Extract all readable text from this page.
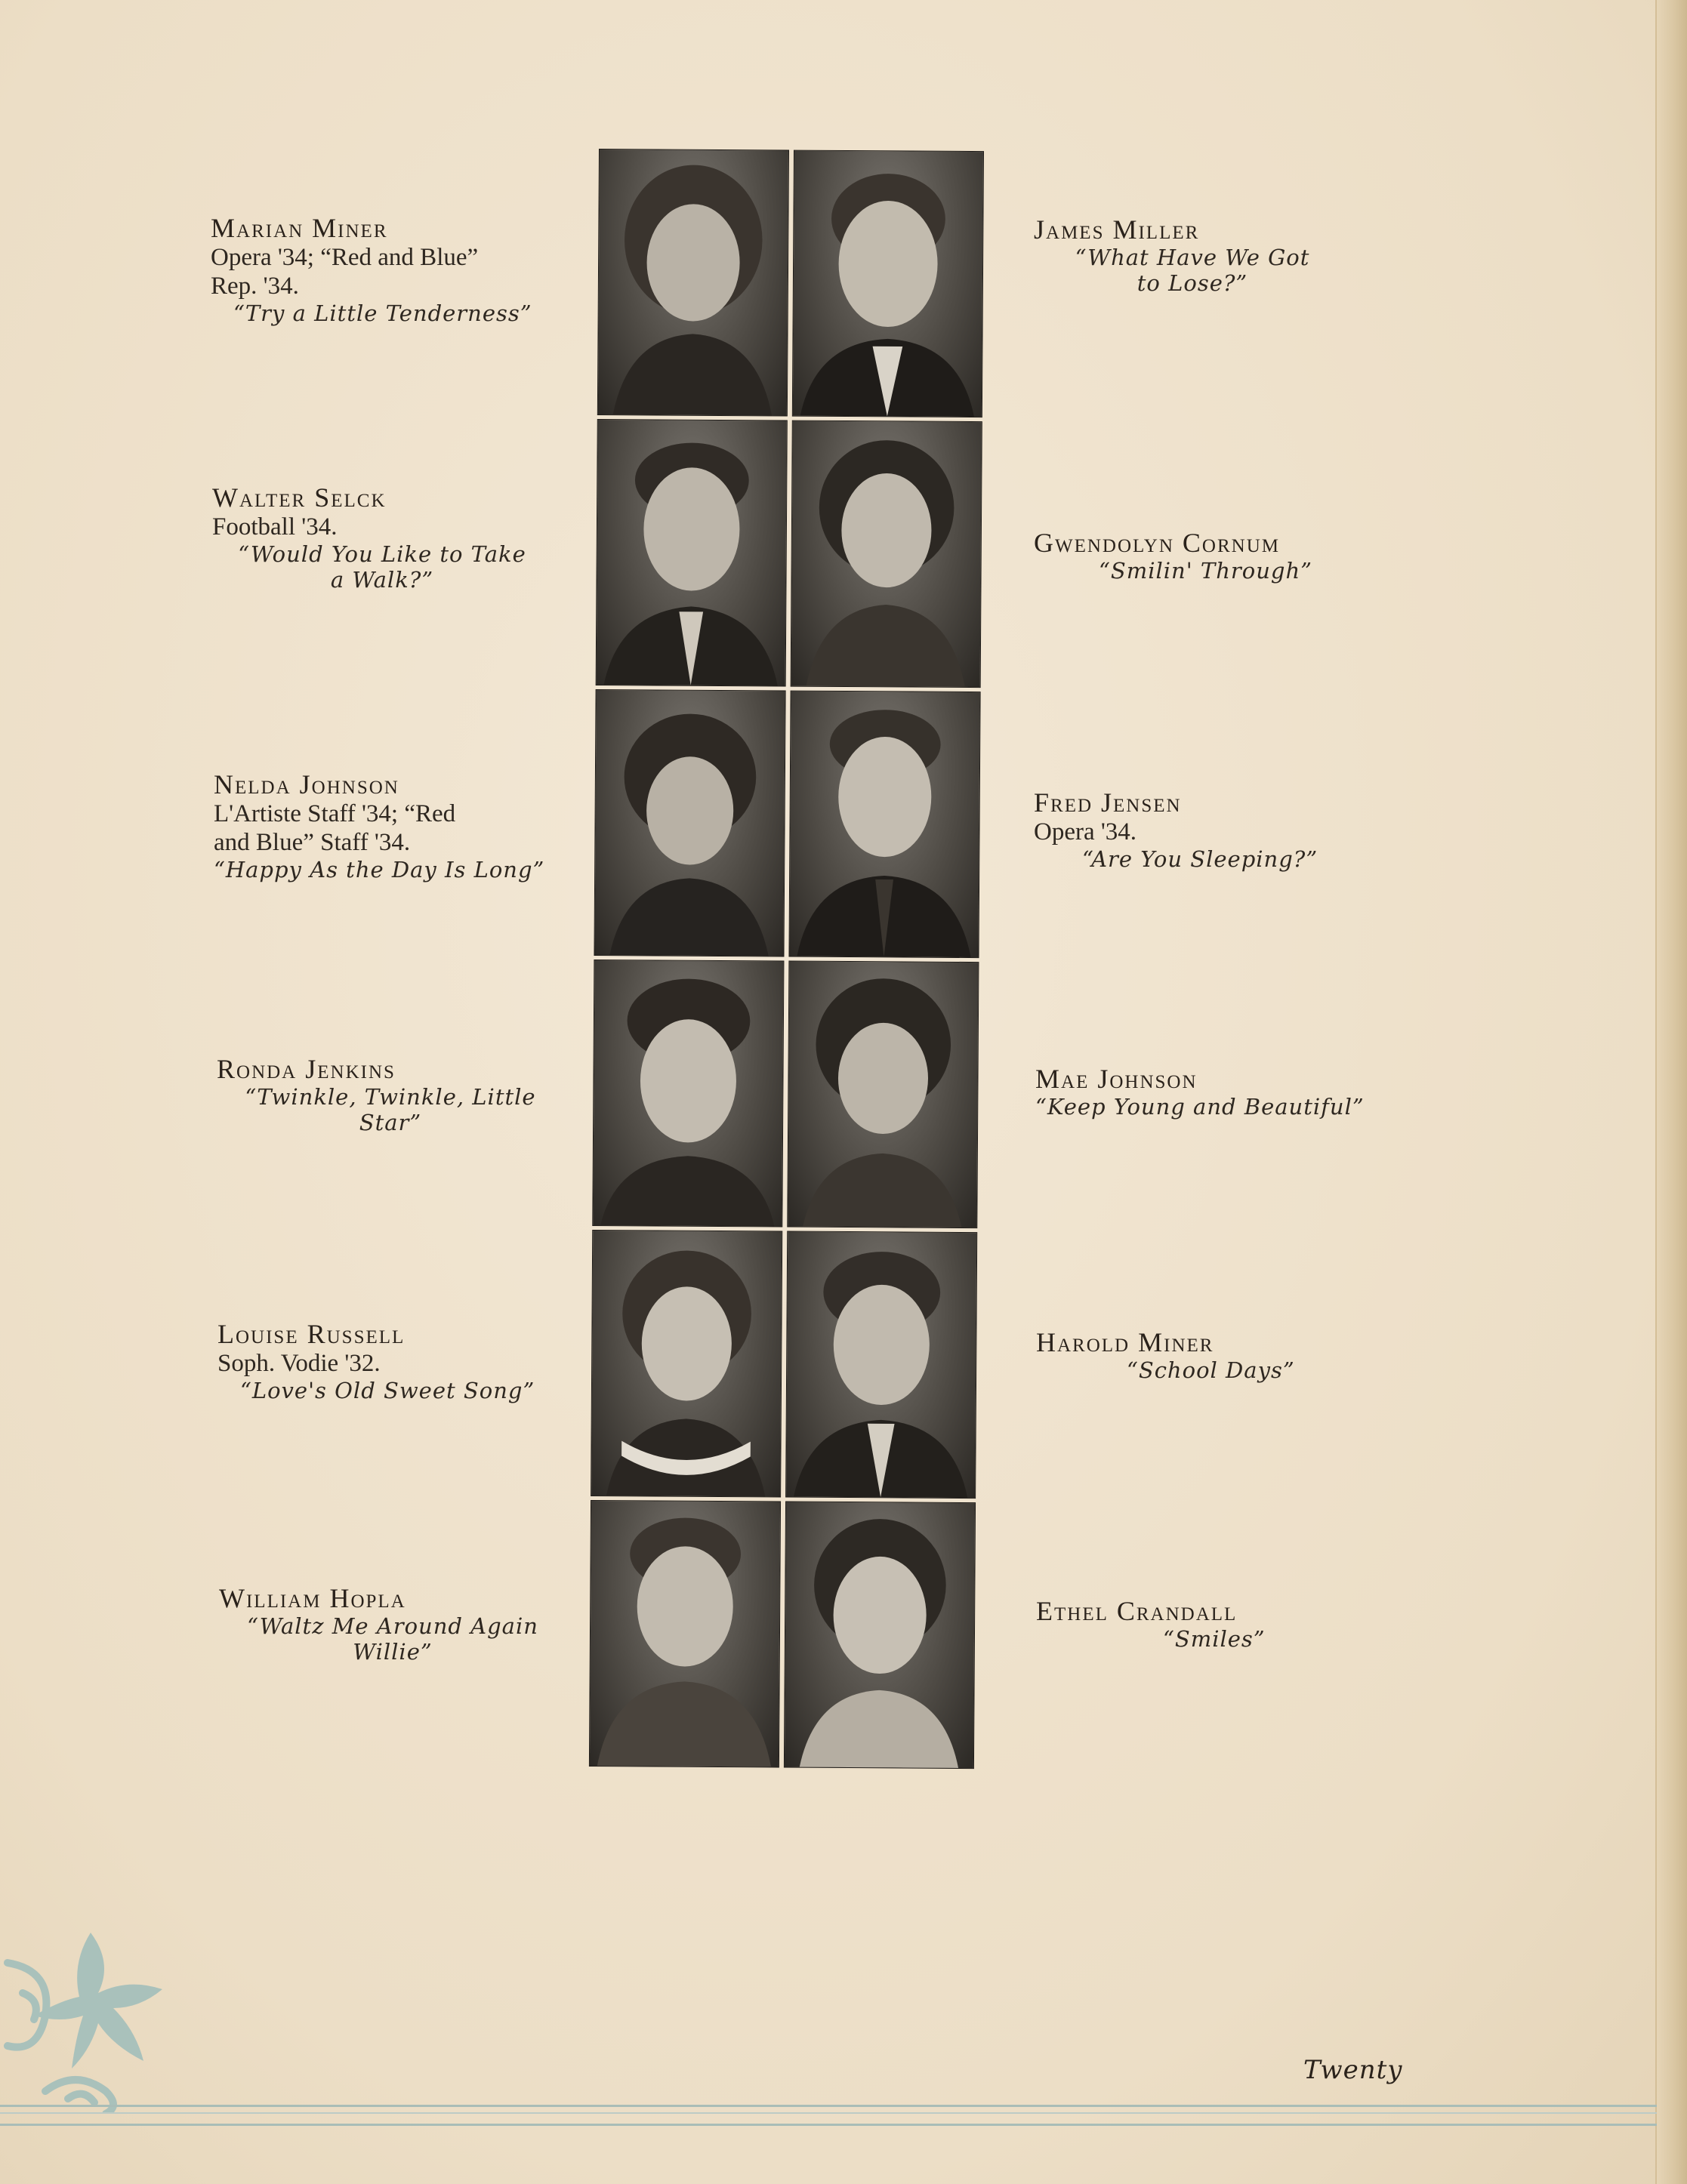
Marian Miner
Opera '34; “Red and Blue”
Rep. '34.
“Try a Little Tenderness”
Walter Selck
Football '34.
“Would You Like to Take
a Walk?”
Nelda Johnson
L'Artiste Staff '34; “Red
and Blue” Staff '34.
“Happy As the Day Is Long”
Ronda Jenkins
“Twinkle, Twinkle, Little
Star”
Louise Russell
Soph. Vodie '32.
“Love's Old Sweet Song”
William Hopla
“Waltz Me Around Again
Willie”
James Miller
“What Have We Got
to Lose?”
Gwendolyn Cornum
“Smilin' Through”
Fred Jensen
Opera '34.
“Are You Sleeping?”
Mae Johnson
“Keep Young and Beautiful”
Harold Miner
“School Days”
Ethel Crandall
“Smiles”
Twenty
